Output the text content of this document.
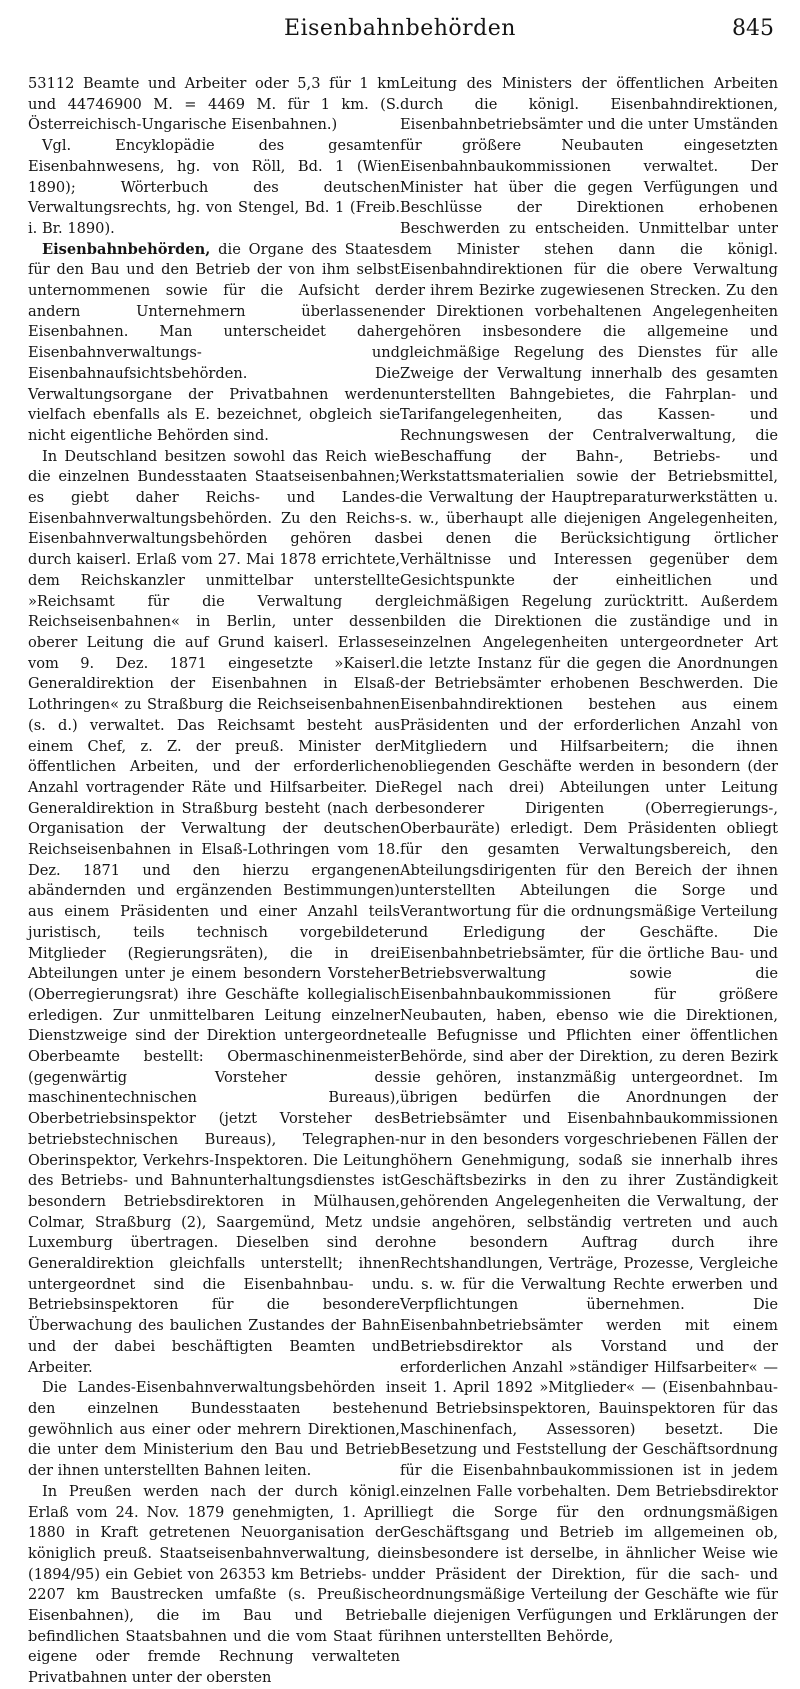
Eisenbahnbehörden	845

53112 Beamte und Arbeiter oder 5,3 für 1 km und 44746900 M. = 4469 M. für 1 km. (S. Österreichisch-Ungarische Eisenbahnen.)

Vgl. Encyklopädie des gesamten Eisenbahnwesens, hg. von Röll, Bd. 1 (Wien 1890); Wörterbuch des deutschen Verwaltungsrechts, hg. von Stengel, Bd. 1 (Freib. i. Br. 1890).

Eisenbahnbehörden, die Organe des Staates für den Bau und den Betrieb der von ihm selbst unternommenen sowie für die Aufsicht der andern Unternehmern überlassenen Eisenbahnen. Man unterscheidet daher Eisenbahnverwaltungs- und Eisenbahnaufsichtsbehörden. Die Verwaltungsorgane der Privatbahnen werden vielfach ebenfalls als E. bezeichnet, obgleich sie nicht eigentliche Behörden sind.

In Deutschland besitzen sowohl das Reich wie die einzelnen Bundesstaaten Staatseisenbahnen; es giebt daher Reichs- und Landes-Eisenbahnverwaltungsbehörden. Zu den Reichs-Eisenbahnverwaltungsbehörden gehören das durch kaiserl. Erlaß vom 27. Mai 1878 errichtete, dem Reichskanzler unmittelbar unterstellte »Reichsamt für die Verwaltung der Reichseisenbahnen« in Berlin, unter dessen oberer Leitung die auf Grund kaiserl. Erlasses vom 9. Dez. 1871 eingesetzte »Kaiserl. Generaldirektion der Eisenbahnen in Elsaß-Lothringen« zu Straßburg die Reichseisenbahnen (s. d.) verwaltet. Das Reichsamt besteht aus einem Chef, z. Z. der preuß. Minister der öffentlichen Arbeiten, und der erforderlichen Anzahl vortragender Räte und Hilfsarbeiter. Die Generaldirektion in Straßburg besteht (nach der Organisation der Verwaltung der deutschen Reichseisenbahnen in Elsaß-Lothringen vom 18. Dez. 1871 und den hierzu ergangenen abändernden und ergänzenden Bestimmungen) aus einem Präsidenten und einer Anzahl teils juristisch, teils technisch vorgebildeter Mitglieder (Regierungsräten), die in drei Abteilungen unter je einem besondern Vorsteher (Oberregierungsrat) ihre Geschäfte kollegialisch erledigen. Zur unmittelbaren Leitung einzelner Dienstzweige sind der Direktion untergeordnete Oberbeamte bestellt: Obermaschinenmeister (gegenwärtig Vorsteher des maschinentechnischen Bureaus), Oberbetriebsinspektor (jetzt Vorsteher des betriebstechnischen Bureaus), Telegraphen-Oberinspektor, Verkehrs-Inspektoren. Die Leitung des Betriebs- und Bahnunterhaltungsdienstes ist besondern Betriebsdirektoren in Mülhausen, Colmar, Straßburg (2), Saargemünd, Metz und Luxemburg übertragen. Dieselben sind der Generaldirektion gleichfalls unterstellt; ihnen untergeordnet sind die Eisenbahnbau- und Betriebsinspektoren für die besondere Überwachung des baulichen Zustandes der Bahn und der dabei beschäftigten Beamten und Arbeiter.

Die Landes-Eisenbahnverwaltungsbehörden in den einzelnen Bundesstaaten bestehen gewöhnlich aus einer oder mehrern Direktionen, die unter dem Ministerium den Bau und Betrieb der ihnen unterstellten Bahnen leiten.

In Preußen werden nach der durch königl. Erlaß vom 24. Nov. 1879 genehmigten, 1. April 1880 in Kraft getretenen Neuorganisation der königlich preuß. Staatseisenbahnverwaltung, die (1894/95) ein Gebiet von 26353 km Betriebs- und 2207 km Baustrecken umfaßte (s. Preußische Eisenbahnen), die im Bau und Betrieb befindlichen Staatsbahnen und die vom Staat für eigene oder fremde Rechnung verwalteten Privatbahnen unter der obersten

Leitung des Ministers der öffentlichen Arbeiten durch die königl. Eisenbahndirektionen, Eisenbahnbetriebsämter und die unter Umständen für größere Neubauten eingesetzten Eisenbahnbaukommissionen verwaltet. Der Minister hat über die gegen Verfügungen und Beschlüsse der Direktionen erhobenen Beschwerden zu entscheiden. Unmittelbar unter dem Minister stehen dann die königl. Eisenbahndirektionen für die obere Verwaltung der ihrem Bezirke zugewiesenen Strecken. Zu den der Direktionen vorbehaltenen Angelegenheiten gehören insbesondere die allgemeine und gleichmäßige Regelung des Dienstes für alle Zweige der Verwaltung innerhalb des gesamten unterstellten Bahngebietes, die Fahrplan- und Tarifangelegenheiten, das Kassen- und Rechnungswesen der Centralverwaltung, die Beschaffung der Bahn-, Betriebs- und Werkstattsmaterialien sowie der Betriebsmittel, die Verwaltung der Hauptreparaturwerkstätten u. s. w., überhaupt alle diejenigen Angelegenheiten, bei denen die Berücksichtigung örtlicher Verhältnisse und Interessen gegenüber dem Gesichtspunkte der einheitlichen und gleichmäßigen Regelung zurücktritt. Außerdem bilden die Direktionen die zuständige und in einzelnen Angelegenheiten untergeordneter Art die letzte Instanz für die gegen die Anordnungen der Betriebsämter erhobenen Beschwerden. Die Eisenbahndirektionen bestehen aus einem Präsidenten und der erforderlichen Anzahl von Mitgliedern und Hilfsarbeitern; die ihnen obliegenden Geschäfte werden in besondern (der Regel nach drei) Abteilungen unter Leitung besonderer Dirigenten (Oberregierungs-, Oberbauräte) erledigt. Dem Präsidenten obliegt für den gesamten Verwaltungsbereich, den Abteilungsdirigenten für den Bereich der ihnen unterstellten Abteilungen die Sorge und Verantwortung für die ordnungsmäßige Verteilung und Erledigung der Geschäfte. Die Eisenbahnbetriebsämter, für die örtliche Bau- und Betriebsverwaltung sowie die Eisenbahnbaukommissionen für größere Neubauten, haben, ebenso wie die Direktionen, alle Befugnisse und Pflichten einer öffentlichen Behörde, sind aber der Direktion, zu deren Bezirk sie gehören, instanzmäßig untergeordnet. Im übrigen bedürfen die Anordnungen der Betriebsämter und Eisenbahnbaukommissionen nur in den besonders vorgeschriebenen Fällen der höhern Genehmigung, sodaß sie innerhalb ihres Geschäftsbezirks in den zu ihrer Zuständigkeit gehörenden Angelegenheiten die Verwaltung, der sie angehören, selbständig vertreten und auch ohne besondern Auftrag durch ihre Rechtshandlungen, Verträge, Prozesse, Vergleiche u. s. w. für die Verwaltung Rechte erwerben und Verpflichtungen übernehmen. Die Eisenbahnbetriebsämter werden mit einem Betriebsdirektor als Vorstand und der erforderlichen Anzahl »ständiger Hilfsarbeiter« — seit 1. April 1892 »Mitglieder« — (Eisenbahnbau- und Betriebsinspektoren, Bauinspektoren für das Maschinenfach, Assessoren) besetzt. Die Besetzung und Feststellung der Geschäftsordnung für die Eisenbahnbaukommissionen ist in jedem einzelnen Falle vorbehalten. Dem Betriebsdirektor liegt die Sorge für den ordnungsmäßigen Geschäftsgang und Betrieb im allgemeinen ob, insbesondere ist derselbe, in ähnlicher Weise wie der Präsident der Direktion, für die sach- und ordnungsmäßige Verteilung der Geschäfte wie für alle diejenigen Verfügungen und Erklärungen der ihnen unterstellten Behörde,
